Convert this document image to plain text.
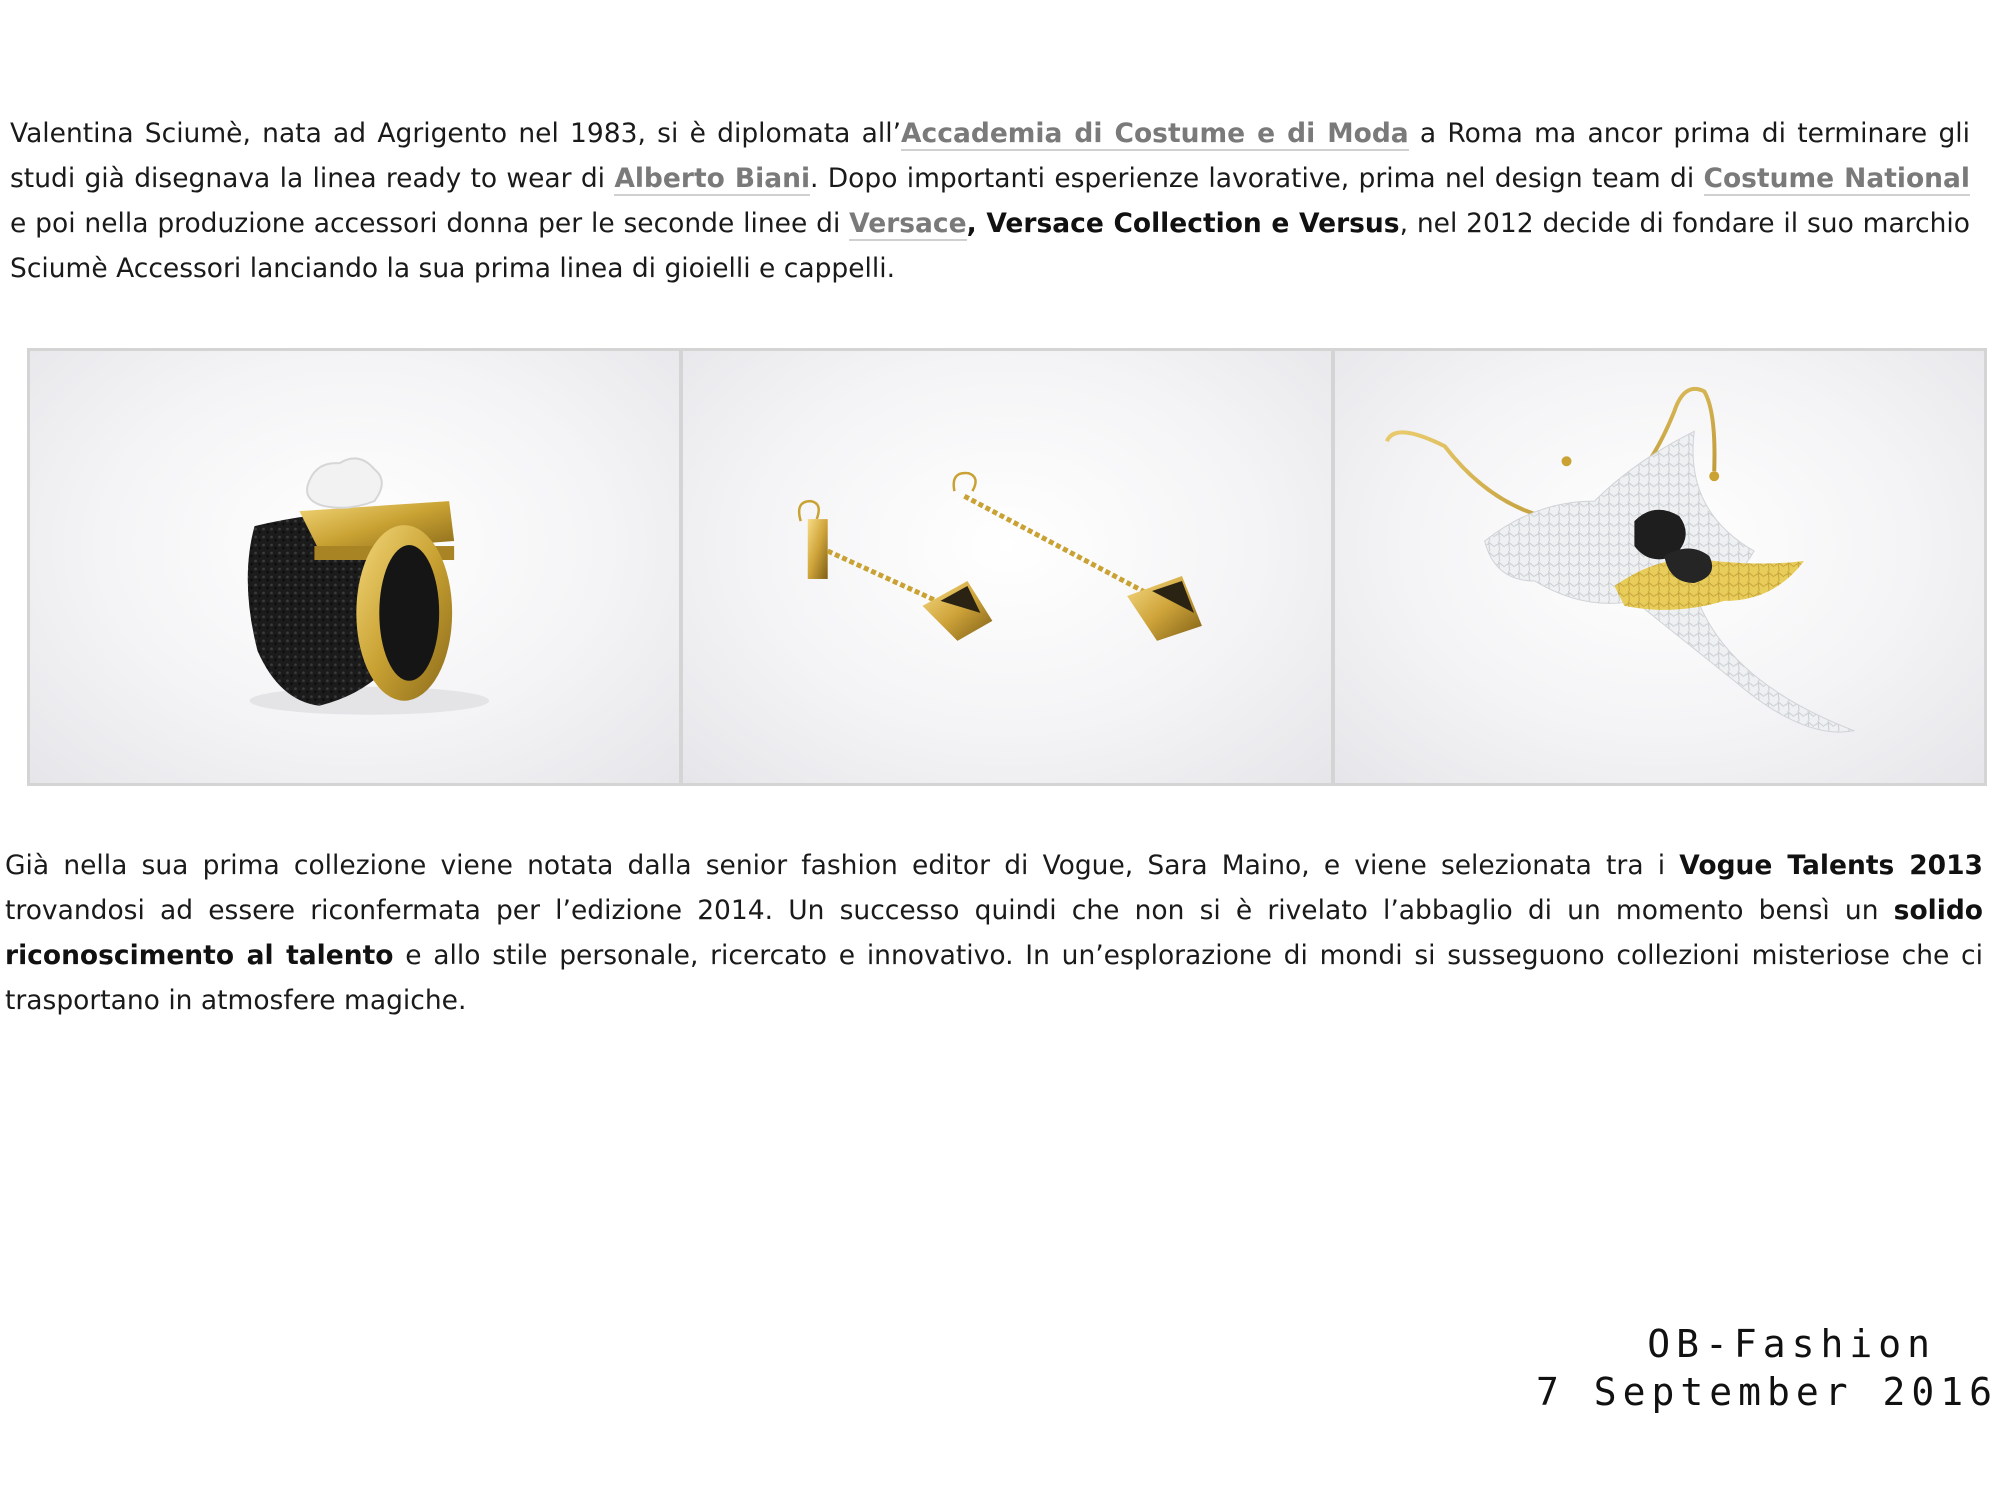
Valentina Sciumè, nata ad Agrigento nel 1983, si è diplomata all’Accademia di Costume e di Moda a Roma ma ancor prima di terminare gli studi già disegnava la linea ready to wear di Alberto Biani. Dopo importanti esperienze lavorative, prima nel design team di Costume National e poi nella produzione accessori donna per le seconde linee di Versace, Versace Collection e Versus, nel 2012 decide di fondare il suo marchio Sciumè Accessori lanciando la sua prima linea di gioielli e cappelli.

Già nella sua prima collezione viene notata dalla senior fashion editor di Vogue, Sara Maino, e viene selezionata tra i Vogue Talents 2013 trovandosi ad essere riconfermata per l’edizione 2014. Un successo quindi che non si è rivelato l’abbaglio di un momento bensì un solido riconoscimento al talento e allo stile personale, ricercato e innovativo. In un’esplorazione di mondi si susseguono collezioni misteriose che ci trasportano in atmosfere magiche.

OB-Fashion
7 September 2016
